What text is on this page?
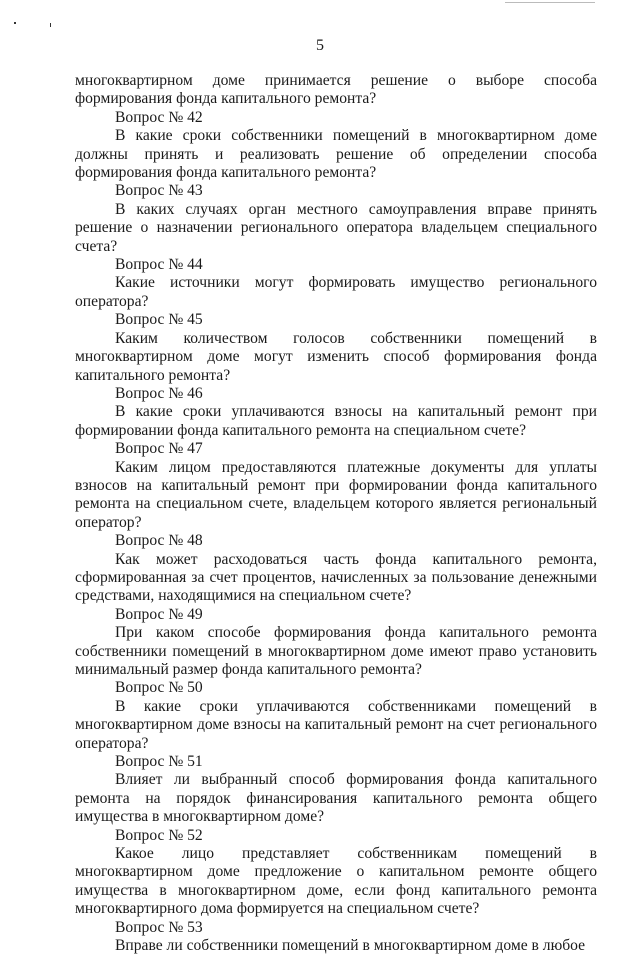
5

многоквартирном доме принимается решение о выборе способа формирования фонда капитального ремонта?

Вопрос № 42

В какие сроки собственники помещений в многоквартирном доме должны принять и реализовать решение об определении способа формирования фонда капитального ремонта?

Вопрос № 43

В каких случаях орган местного самоуправления вправе принять решение о назначении регионального оператора владельцем специального счета?

Вопрос № 44

Какие источники могут формировать имущество регионального оператора?

Вопрос № 45

Каким количеством голосов собственники помещений в многоквартирном доме могут изменить способ формирования фонда капитального ремонта?

Вопрос № 46

В какие сроки уплачиваются взносы на капитальный ремонт при формировании фонда капитального ремонта на специальном счете?

Вопрос № 47

Каким лицом предоставляются платежные документы для уплаты взносов на капитальный ремонт при формировании фонда капитального ремонта на специальном счете, владельцем которого является региональный оператор?

Вопрос № 48

Как может расходоваться часть фонда капитального ремонта, сформированная за счет процентов, начисленных за пользование денежными средствами, находящимися на специальном счете?

Вопрос № 49

При каком способе формирования фонда капитального ремонта собственники помещений в многоквартирном доме имеют право установить минимальный размер фонда капитального ремонта?

Вопрос № 50

В какие сроки уплачиваются собственниками помещений в многоквартирном доме взносы на капитальный ремонт на счет регионального оператора?

Вопрос № 51

Влияет ли выбранный способ формирования фонда капитального ремонта на порядок финансирования капитального ремонта общего имущества в многоквартирном доме?

Вопрос № 52

Какое лицо представляет собственникам помещений в многоквартирном доме предложение о капитальном ремонте общего имущества в многоквартирном доме, если фонд капитального ремонта многоквартирного дома формируется на специальном счете?

Вопрос № 53

Вправе ли собственники помещений в многоквартирном доме в любое
